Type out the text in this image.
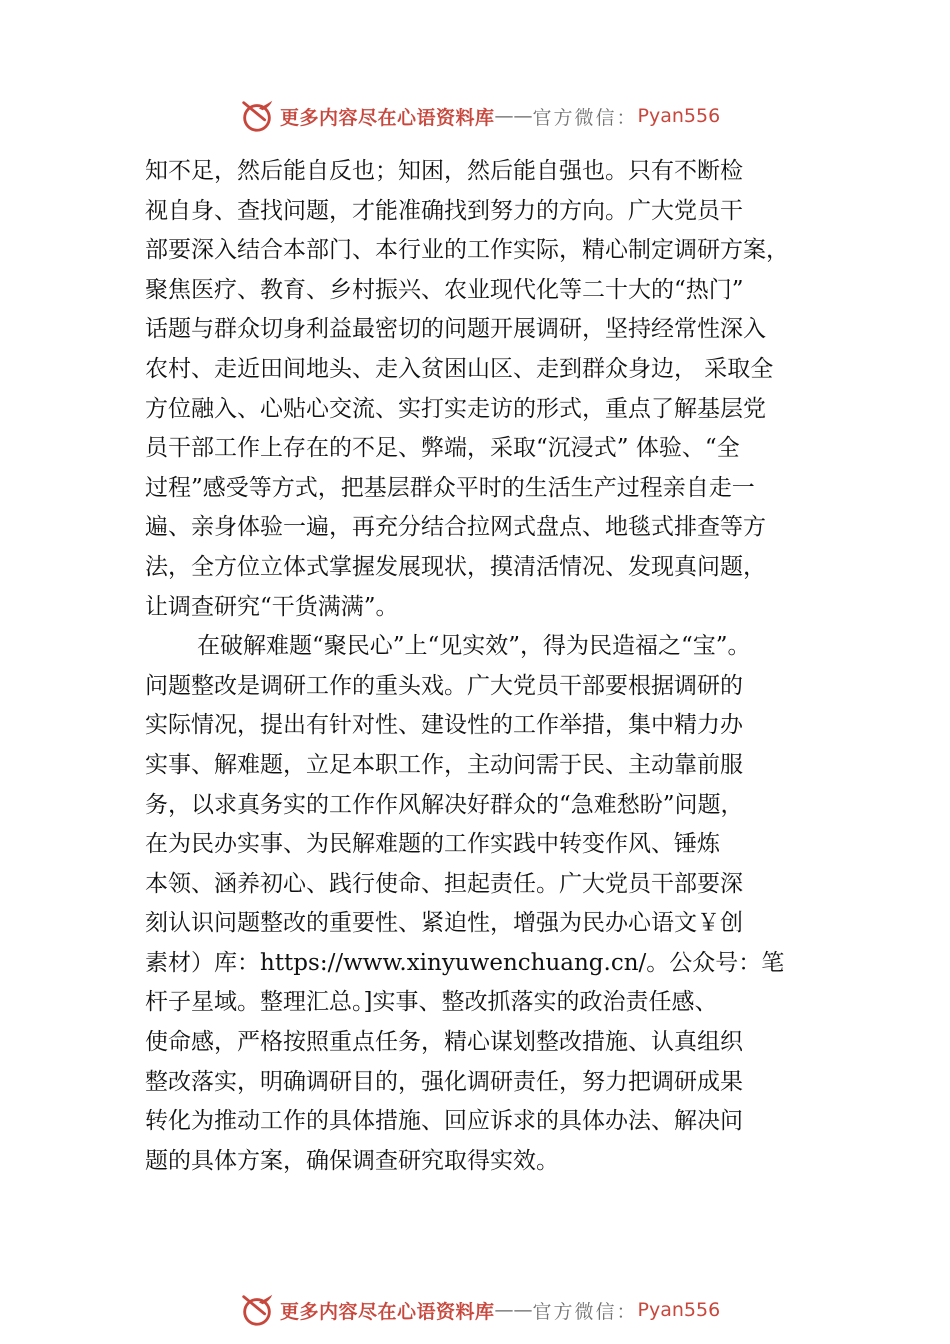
更多内容尽在心语资料库 —— 官方微信： Pyan556
知不足，然后能自反也；知困，然后能自强也。只有不断检
视自身、查找问题，才能准确找到努力的方向。广大党员干
部要深入结合本部门、本行业的工作实际，精心制定调研方案，
聚焦医疗、教育、乡村振兴、农业现代化等二十大的“热门”
话题与群众切身利益最密切的问题开展调研，坚持经常性深入
农村、走近田间地头、走入贫困山区、走到群众身边， 采取全
方位融入、心贴心交流、实打实走访的形式，重点了解基层党
员干部工作上存在的不足、弊端，采取“沉浸式” 体验、“全
过程”感受等方式，把基层群众平时的生活生产过程亲自走一
遍、亲身体验一遍，再充分结合拉网式盘点、地毯式排查等方
法，全方位立体式掌握发展现状，摸清活情况、发现真问题，
让调查研究“干货满满”。
在破解难题“聚民心”上“见实效”，得为民造福之“宝”。
问题整改是调研工作的重头戏。广大党员干部要根据调研的
实际情况，提出有针对性、建设性的工作举措，集中精力办
实事、解难题，立足本职工作，主动问需于民、主动靠前服
务，以求真务实的工作作风解决好群众的“急难愁盼”问题，
在为民办实事、为民解难题的工作实践中转变作风、锤炼
本领、涵养初心、践行使命、担起责任。广大党员干部要深
刻认识问题整改的重要性、紧迫性，增强为民办心语文￥创
素材）库：https://www.xinyuwenchuang.cn/。公众号：笔
杆子星域。整理汇总。]实事、整改抓落实的政治责任感、
使命感，严格按照重点任务，精心谋划整改措施、认真组织
整改落实，明确调研目的，强化调研责任，努力把调研成果
转化为推动工作的具体措施、回应诉求的具体办法、解决问
题的具体方案，确保调查研究取得实效。
更多内容尽在心语资料库 —— 官方微信： Pyan556
